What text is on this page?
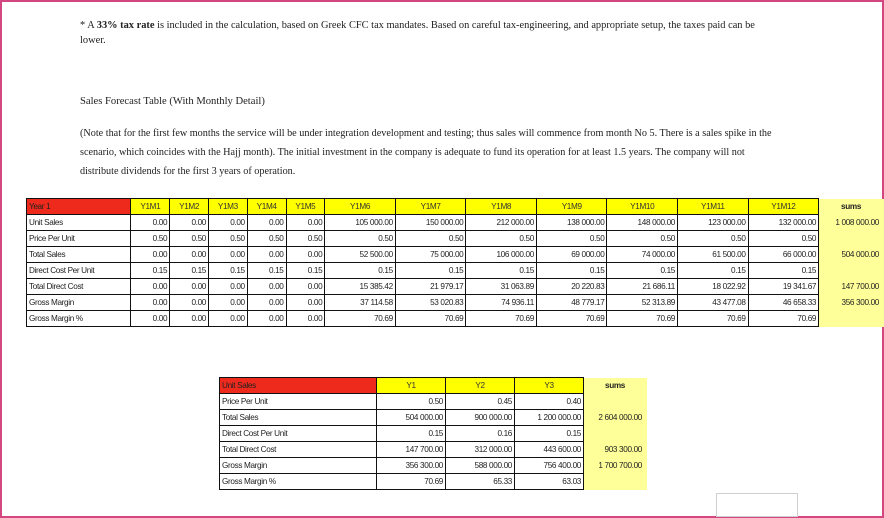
* A 33% tax rate is included in the calculation, based on Greek CFC tax mandates. Based on careful tax-engineering, and appropriate setup, the taxes paid can be lower.
Sales Forecast Table (With Monthly Detail)
(Note that for the first few months the service will be under integration development and testing; thus sales will commence from month No 5. There is a sales spike in the scenario, which coincides with the Hajj month). The initial investment in the company is adequate to fund its operation for at least 1.5 years. The company will not distribute dividends for the first 3 years of operation.
Year 1	Y1M1	Y1M2	Y1M3	Y1M4	Y1M5	Y1M6	Y1M7	Y1M8	Y1M9	Y1M10	Y1M11	Y1M12	sums
Unit Sales	0.00	0.00	0.00	0.00	0.00	105 000.00	150 000.00	212 000.00	138 000.00	148 000.00	123 000.00	132 000.00	1 008 000.00
Price Per Unit	0.50	0.50	0.50	0.50	0.50	0.50	0.50	0.50	0.50	0.50	0.50	0.50	
Total Sales	0.00	0.00	0.00	0.00	0.00	52 500.00	75 000.00	106 000.00	69 000.00	74 000.00	61 500.00	66 000.00	504 000.00
Direct Cost Per Unit	0.15	0.15	0.15	0.15	0.15	0.15	0.15	0.15	0.15	0.15	0.15	0.15	
Total Direct Cost	0.00	0.00	0.00	0.00	0.00	15 385.42	21 979.17	31 063.89	20 220.83	21 686.11	18 022.92	19 341.67	147 700.00
Gross Margin	0.00	0.00	0.00	0.00	0.00	37 114.58	53 020.83	74 936.11	48 779.17	52 313.89	43 477.08	46 658.33	356 300.00
Gross Margin %	0.00	0.00	0.00	0.00	0.00	70.69	70.69	70.69	70.69	70.69	70.69	70.69	
Unit Sales	Y1	Y2	Y3	sums
Price Per Unit	0.50	0.45	0.40	
Total Sales	504 000.00	900 000.00	1 200 000.00	2 604 000.00
Direct Cost Per Unit	0.15	0.16	0.15	
Total Direct Cost	147 700.00	312 000.00	443 600.00	903 300.00
Gross Margin	356 300.00	588 000.00	756 400.00	1 700 700.00
Gross Margin %	70.69	65.33	63.03	
